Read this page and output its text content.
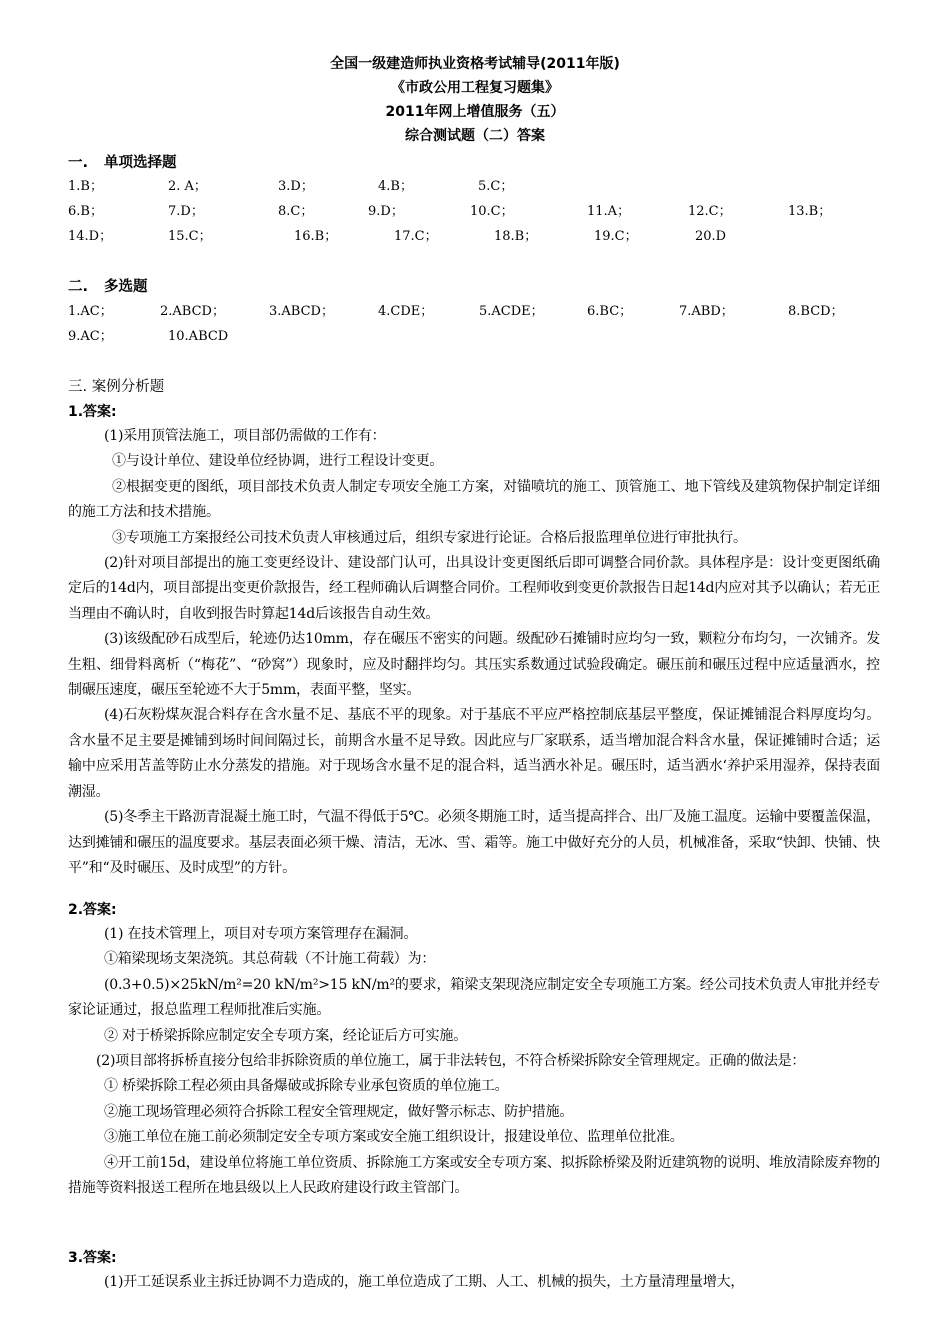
全国一级建造师执业资格考试辅导(2011年版)
《市政公用工程复习题集》
2011年网上增值服务（五）
综合测试题（二）答案
一. 单项选择题
1.B；	2. A；	3.D；	4.B；	5.C；
6.B；	7.D；	8.C；	9.D；	10.C；	11.A；	12.C；	13.B；
14.D；	15.C；	16.B；	17.C；	18.B；	19.C；	20.D
二. 多选题
1.AC；	2.ABCD；	3.ABCD；	4.CDE；	5.ACDE；	6.BC；	7.ABD；	8.BCD；
9.AC；	10.ABCD
三. 案例分析题
1.答案:

(1)采用顶管法施工，项目部仍需做的工作有：

①与设计单位、建设单位经协调，进行工程设计变更。

②根据变更的图纸，项目部技术负责人制定专项安全施工方案，对锚喷坑的施工、顶管施工、地下管线及建筑物保护制定详细的施工方法和技术措施。

③专项施工方案报经公司技术负责人审核通过后，组织专家进行论证。合格后报监理单位进行审批执行。

(2)针对项目部提出的施工变更经设计、建设部门认可，出具设计变更图纸后即可调整合同价款。具体程序是：设计变更图纸确定后的14d内，项目部提出变更价款报告，经工程师确认后调整合同价。工程师收到变更价款报告日起14d内应对其予以确认；若无正当理由不确认时，自收到报告时算起14d后该报告自动生效。

(3)该级配砂石成型后，轮迹仍达10mm，存在碾压不密实的问题。级配砂石摊铺时应均匀一致，颗粒分布均匀，一次铺齐。发生粗、细骨料离析（“梅花”、“砂窝”）现象时，应及时翻拌均匀。其压实系数通过试验段确定。碾压前和碾压过程中应适量洒水，控制碾压速度，碾压至轮迹不大于5mm，表面平整，坚实。

(4)石灰粉煤灰混合料存在含水量不足、基底不平的现象。对于基底不平应严格控制底基层平整度，保证摊铺混合料厚度均匀。含水量不足主要是摊铺到场时间间隔过长，前期含水量不足导致。因此应与厂家联系，适当增加混合料含水量，保证摊铺时合适；运输中应采用苫盖等防止水分蒸发的措施。对于现场含水量不足的混合料，适当洒水补足。碾压时，适当洒水‘养护采用湿养，保持表面潮湿。

(5)冬季主干路沥青混凝土施工时，气温不得低于5℃。必须冬期施工时，适当提高拌合、出厂及施工温度。运输中要覆盖保温，达到摊铺和碾压的温度要求。基层表面必须干燥、清洁，无冰、雪、霜等。施工中做好充分的人员，机械准备，采取“快卸、快铺、快平”和“及时碾压、及时成型”的方针。

2.答案:

(1) 在技术管理上，项目对专项方案管理存在漏洞。

①箱梁现场支架浇筑。其总荷载（不计施工荷载）为：

(0.3+0.5)×25kN/m²=20 kN/m²>15 kN/m²的要求，箱梁支架现浇应制定安全专项施工方案。经公司技术负责人审批并经专家论证通过，报总监理工程师批准后实施。

② 对于桥梁拆除应制定安全专项方案，经论证后方可实施。

(2)项目部将拆桥直接分包给非拆除资质的单位施工，属于非法转包，不符合桥梁拆除安全管理规定。正确的做法是：

① 桥梁拆除工程必须由具备爆破或拆除专业承包资质的单位施工。

②施工现场管理必须符合拆除工程安全管理规定，做好警示标志、防护措施。

③施工单位在施工前必须制定安全专项方案或安全施工组织设计，报建设单位、监理单位批准。

④开工前15d，建设单位将施工单位资质、拆除施工方案或安全专项方案、拟拆除桥梁及附近建筑物的说明、堆放清除废弃物的措施等资料报送工程所在地县级以上人民政府建设行政主管部门。

3.答案:

(1)开工延误系业主拆迁协调不力造成的，施工单位造成了工期、人工、机械的损失，土方量清理量增大，
